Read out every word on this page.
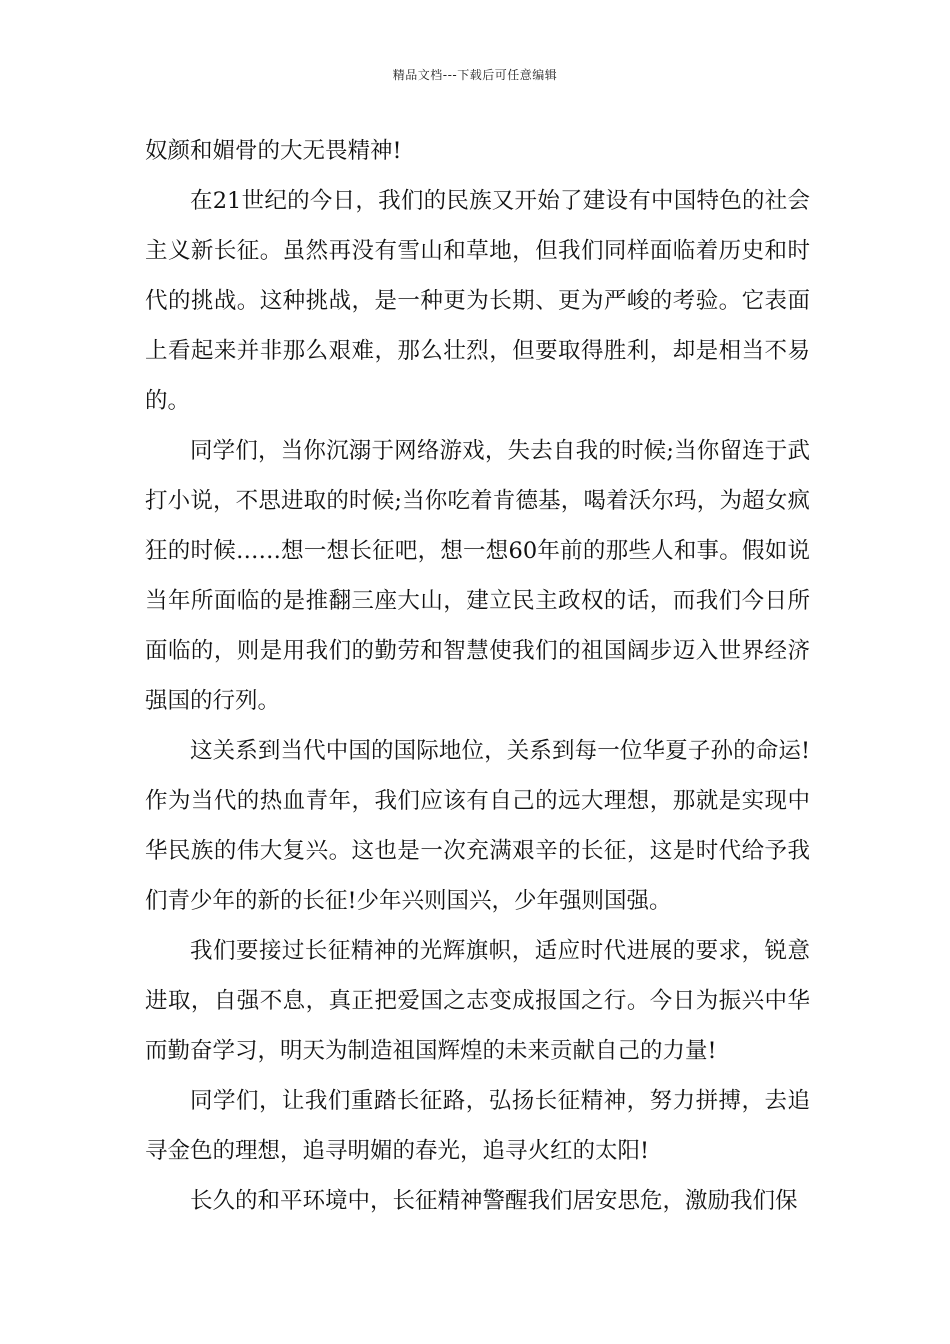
精品文档---下载后可任意编辑

奴颜和媚骨的大无畏精神!

在21世纪的今日，我们的民族又开始了建设有中国特色的社会主义新长征。虽然再没有雪山和草地，但我们同样面临着历史和时代的挑战。这种挑战，是一种更为长期、更为严峻的考验。它表面上看起来并非那么艰难，那么壮烈，但要取得胜利，却是相当不易的。

同学们，当你沉溺于网络游戏，失去自我的时候;当你留连于武打小说，不思进取的时候;当你吃着肯德基，喝着沃尔玛，为超女疯狂的时候……想一想长征吧，想一想60年前的那些人和事。假如说当年所面临的是推翻三座大山，建立民主政权的话，而我们今日所面临的，则是用我们的勤劳和智慧使我们的祖国阔步迈入世界经济强国的行列。

这关系到当代中国的国际地位，关系到每一位华夏子孙的命运!作为当代的热血青年，我们应该有自己的远大理想，那就是实现中华民族的伟大复兴。这也是一次充满艰辛的长征，这是时代给予我们青少年的新的长征!少年兴则国兴，少年强则国强。

我们要接过长征精神的光辉旗帜，适应时代进展的要求，锐意进取，自强不息，真正把爱国之志变成报国之行。今日为振兴中华而勤奋学习，明天为制造祖国辉煌的未来贡献自己的力量!

同学们，让我们重踏长征路，弘扬长征精神，努力拼搏，去追寻金色的理想，追寻明媚的春光，追寻火红的太阳!

长久的和平环境中，长征精神警醒我们居安思危，激励我们保
